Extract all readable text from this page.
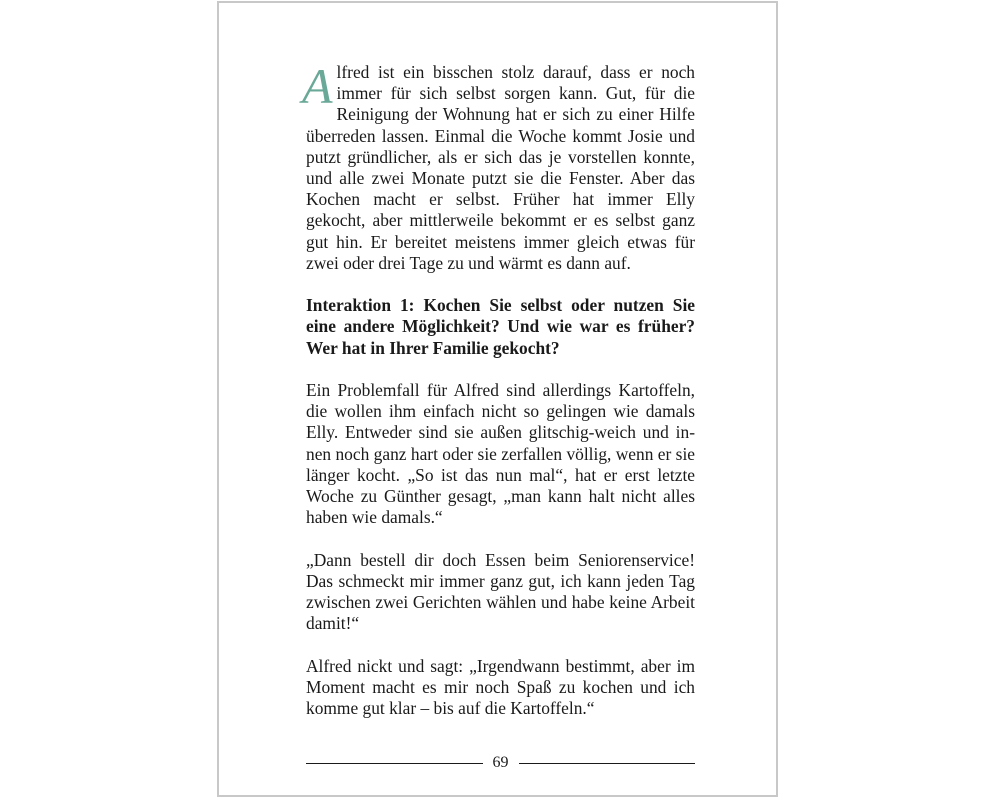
Alfred ist ein bisschen stolz darauf, dass er noch immer für sich selbst sorgen kann. Gut, für die Reinigung der Wohnung hat er sich zu einer Hilfe überreden lassen. Einmal die Woche kommt Josie und putzt gründlicher, als er sich das je vorstellen konnte, und alle zwei Monate putzt sie die Fenster. Aber das Kochen macht er selbst. Früher hat immer Elly gekocht, aber mittlerweile bekommt er es selbst ganz gut hin. Er bereitet meistens immer gleich etwas für zwei oder drei Tage zu und wärmt es dann auf.

Interaktion 1: Kochen Sie selbst oder nutzen Sie eine andere Möglichkeit? Und wie war es früher? Wer hat in Ihrer Familie gekocht?

Ein Problemfall für Alfred sind allerdings Kartoffeln, die wollen ihm einfach nicht so gelingen wie damals Elly. Entweder sind sie außen glitschig-weich und innen noch ganz hart oder sie zerfallen völlig, wenn er sie länger kocht. „So ist das nun mal“, hat er erst letzte Woche zu Günther gesagt, „man kann halt nicht alles haben wie damals.“

„Dann bestell dir doch Essen beim Seniorenservice! Das schmeckt mir immer ganz gut, ich kann jeden Tag zwischen zwei Gerichten wählen und habe keine Arbeit damit!“

Alfred nickt und sagt: „Irgendwann bestimmt, aber im Moment macht es mir noch Spaß zu kochen und ich komme gut klar – bis auf die Kartoffeln.“

69
